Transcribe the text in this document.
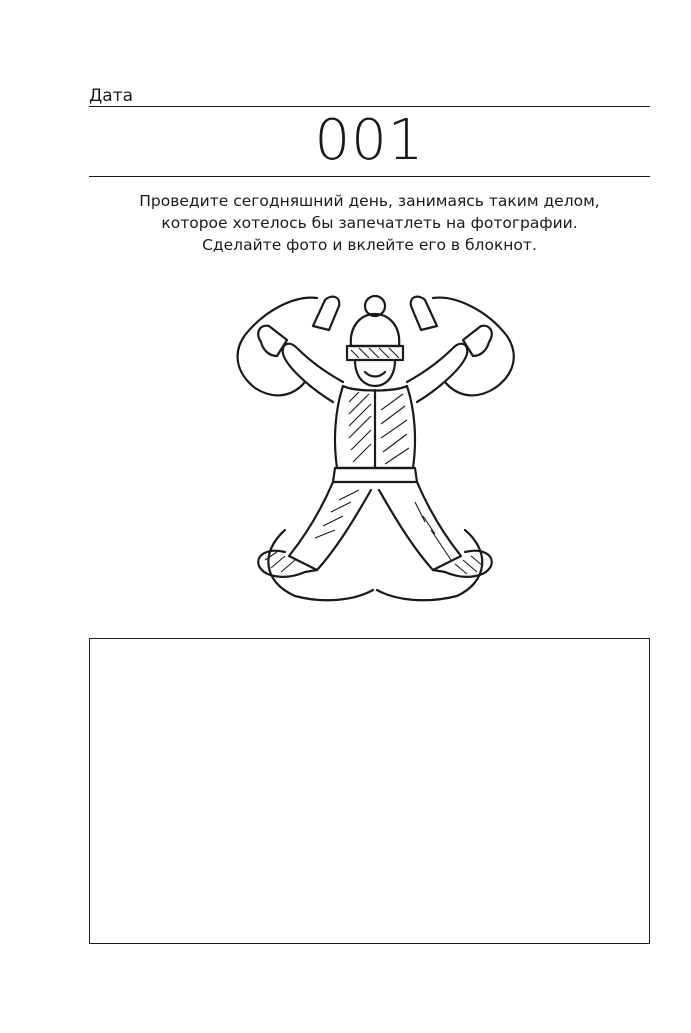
Дата
001
Проведите сегодняшний день, занимаясь таким делом,
которое хотелось бы запечатлеть на фотографии.
Сделайте фото и вклейте его в блокнот.
